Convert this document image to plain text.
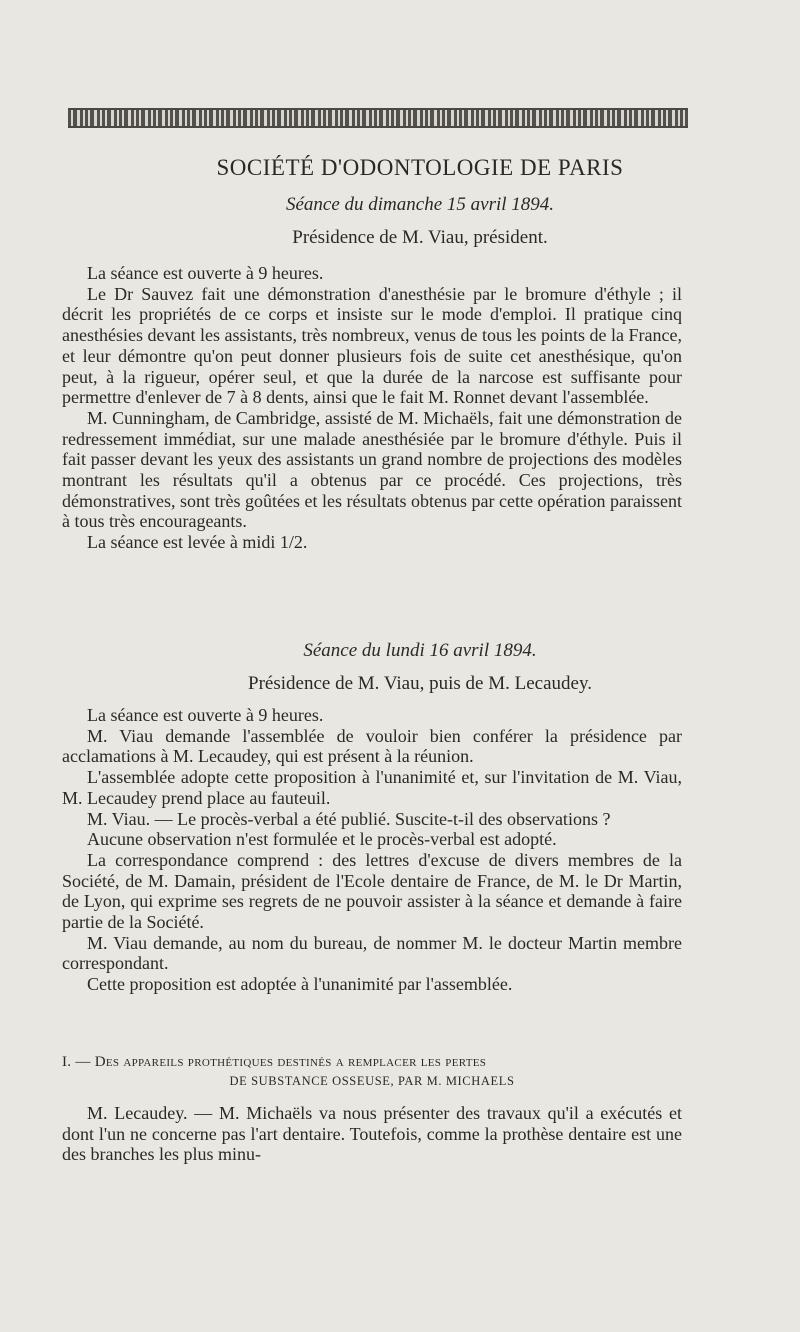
SOCIÉTÉ D'ODONTOLOGIE DE PARIS
Séance du dimanche 15 avril 1894.
Présidence de M. Viau, président.

La séance est ouverte à 9 heures.

Le Dr Sauvez fait une démonstration d'anesthésie par le bromure d'éthyle ; il décrit les propriétés de ce corps et insiste sur le mode d'emploi. Il pratique cinq anesthésies devant les assistants, très nombreux, venus de tous les points de la France, et leur démontre qu'on peut donner plusieurs fois de suite cet anesthésique, qu'on peut, à la rigueur, opérer seul, et que la durée de la narcose est suffisante pour permettre d'enlever de 7 à 8 dents, ainsi que le fait M. Ronnet devant l'assemblée.

M. Cunningham, de Cambridge, assisté de M. Michaëls, fait une démonstration de redressement immédiat, sur une malade anesthésiée par le bromure d'éthyle. Puis il fait passer devant les yeux des assistants un grand nombre de projections des modèles montrant les résultats qu'il a obtenus par ce procédé. Ces projections, très démonstratives, sont très goûtées et les résultats obtenus par cette opération paraissent à tous très encourageants.

La séance est levée à midi 1/2.

Séance du lundi 16 avril 1894.
Présidence de M. Viau, puis de M. Lecaudey.

La séance est ouverte à 9 heures.

M. Viau demande l'assemblée de vouloir bien conférer la présidence par acclamations à M. Lecaudey, qui est présent à la réunion.

L'assemblée adopte cette proposition à l'unanimité et, sur l'invitation de M. Viau, M. Lecaudey prend place au fauteuil.

M. Viau. — Le procès-verbal a été publié. Suscite-t-il des observations ?

Aucune observation n'est formulée et le procès-verbal est adopté.

La correspondance comprend : des lettres d'excuse de divers membres de la Société, de M. Damain, président de l'Ecole dentaire de France, de M. le Dr Martin, de Lyon, qui exprime ses regrets de ne pouvoir assister à la séance et demande à faire partie de la Société.

M. Viau demande, au nom du bureau, de nommer M. le docteur Martin membre correspondant.

Cette proposition est adoptée à l'unanimité par l'assemblée.

I. — Des appareils prothétiques destinés a remplacer les pertes
DE SUBSTANCE OSSEUSE, PAR M. MICHAELS

M. Lecaudey. — M. Michaëls va nous présenter des travaux qu'il a exécutés et dont l'un ne concerne pas l'art dentaire. Toutefois, comme la prothèse dentaire est une des branches les plus minu-
